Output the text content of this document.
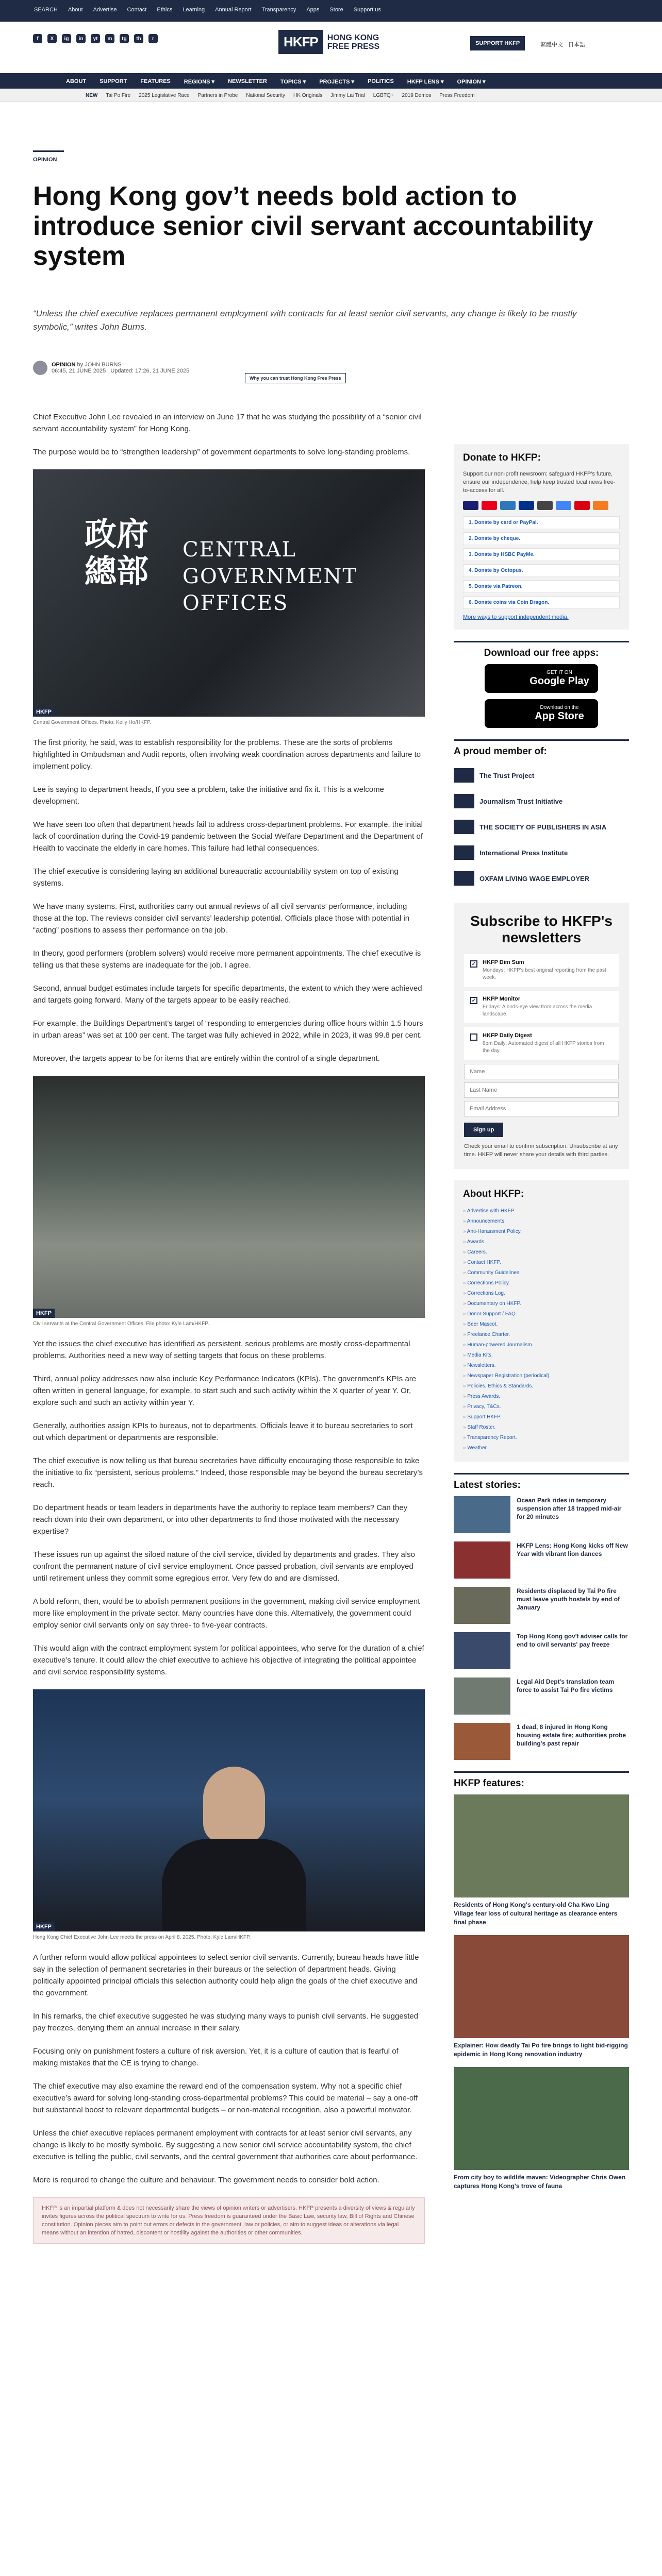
SEARCH About Advertise Contact Ethics Learning Annual Report Transparency Apps Store Support us
f	X	ig	in	yt	m	tg	th	r	HKFP	HONG KONG
FREE PRESS	SUPPORT HKFP	繁體中文 日本語
ABOUT SUPPORT FEATURES REGIONS ▾ NEWSLETTER TOPICS ▾ PROJECTS ▾ POLITICS HKFP LENS ▾ OPINION ▾
NEW Tai Po Fire 2025 Legislative Race Partners in Probe National Security HK Originals Jimmy Lai Trial LGBTQ+ 2019 Demos Press Freedom
OPINION
Hong Kong gov’t needs bold action to introduce senior civil servant accountability system
“Unless the chief executive replaces permanent employment with contracts for at least senior civil servants, any change is likely to be mostly symbolic,” writes John Burns.
OPINION by JOHN BURNS
06:45, 21 JUNE 2025 Updated: 17:26, 21 JUNE 2025
Why you can trust Hong Kong Free Press

Chief Executive John Lee revealed in an interview on June 17 that he was studying the possibility of a “senior civil servant accountability system” for Hong Kong.

The purpose would be to “strengthen leadership” of government departments to solve long-standing problems.

政府總部
CENTRAL
GOVERNMENT
OFFICES
HKFP
Central Government Offices. Photo: Kelly Ho/HKFP.

The first priority, he said, was to establish responsibility for the problems. These are the sorts of problems highlighted in Ombudsman and Audit reports, often involving weak coordination across departments and failure to implement policy.

Lee is saying to department heads, If you see a problem, take the initiative and fix it. This is a welcome development.

We have seen too often that department heads fail to address cross-department problems. For example, the initial lack of coordination during the Covid-19 pandemic between the Social Welfare Department and the Department of Health to vaccinate the elderly in care homes. This failure had lethal consequences.

The chief executive is considering laying an additional bureaucratic accountability system on top of existing systems.

We have many systems. First, authorities carry out annual reviews of all civil servants’ performance, including those at the top. The reviews consider civil servants’ leadership potential. Officials place those with potential in “acting” positions to assess their performance on the job.

In theory, good performers (problem solvers) would receive more permanent appointments. The chief executive is telling us that these systems are inadequate for the job. I agree.

Second, annual budget estimates include targets for specific departments, the extent to which they were achieved and targets going forward. Many of the targets appear to be easily reached.

For example, the Buildings Department’s target of “responding to emergencies during office hours within 1.5 hours in urban areas” was set at 100 per cent. The target was fully achieved in 2022, while in 2023, it was 99.8 per cent.

Moreover, the targets appear to be for items that are entirely within the control of a single department.

HKFP
Civil servants at the Central Government Offices. File photo: Kyle Lam/HKFP.

Yet the issues the chief executive has identified as persistent, serious problems are mostly cross-departmental problems. Authorities need a new way of setting targets that focus on these problems.

Third, annual policy addresses now also include Key Performance Indicators (KPIs). The government’s KPIs are often written in general language, for example, to start such and such activity within the X quarter of year Y. Or, explore such and such an activity within year Y.

Generally, authorities assign KPIs to bureaus, not to departments. Officials leave it to bureau secretaries to sort out which department or departments are responsible.

The chief executive is now telling us that bureau secretaries have difficulty encouraging those responsible to take the initiative to fix “persistent, serious problems.” Indeed, those responsible may be beyond the bureau secretary’s reach.

Do department heads or team leaders in departments have the authority to replace team members? Can they reach down into their own department, or into other departments to find those motivated with the necessary expertise?

These issues run up against the siloed nature of the civil service, divided by departments and grades. They also confront the permanent nature of civil service employment. Once passed probation, civil servants are employed until retirement unless they commit some egregious error. Very few do and are dismissed.

A bold reform, then, would be to abolish permanent positions in the government, making civil service employment more like employment in the private sector. Many countries have done this. Alternatively, the government could employ senior civil servants only on say three- to five-year contracts.

This would align with the contract employment system for political appointees, who serve for the duration of a chief executive’s tenure. It could allow the chief executive to achieve his objective of integrating the political appointee and civil service responsibility systems.

HKFP
Hong Kong Chief Executive John Lee meets the press on April 8, 2025. Photo: Kyle Lam/HKFP.

A further reform would allow political appointees to select senior civil servants. Currently, bureau heads have little say in the selection of permanent secretaries in their bureaus or the selection of department heads. Giving politically appointed principal officials this selection authority could help align the goals of the chief executive and the government.

In his remarks, the chief executive suggested he was studying many ways to punish civil servants. He suggested pay freezes, denying them an annual increase in their salary.

Focusing only on punishment fosters a culture of risk aversion. Yet, it is a culture of caution that is fearful of making mistakes that the CE is trying to change.

The chief executive may also examine the reward end of the compensation system. Why not a specific chief executive’s award for solving long-standing cross-departmental problems? This could be material – say a one-off but substantial boost to relevant departmental budgets – or non-material recognition, also a powerful motivator.

Unless the chief executive replaces permanent employment with contracts for at least senior civil servants, any change is likely to be mostly symbolic. By suggesting a new senior civil service accountability system, the chief executive is telling the public, civil servants, and the central government that authorities care about performance.

More is required to change the culture and behaviour. The government needs to consider bold action.

HKFP is an impartial platform & does not necessarily share the views of opinion writers or advertisers. HKFP presents a diversity of views & regularly invites figures across the political spectrum to write for us. Press freedom is guaranteed under the Basic Law, security law, Bill of Rights and Chinese constitution. Opinion pieces aim to point out errors or defects in the government, law or policies, or aim to suggest ideas or alterations via legal means without an intention of hatred, discontent or hostility against the authorities or other communities.
Donate to HKFP:
Support our non-profit newsroom: safeguard HKFP's future, ensure our independence, help keep trusted local news free-to-access for all.
1. Donate by card or PayPal.
2. Donate by cheque.
3. Donate by HSBC PayMe.
4. Donate by Octopus.
5. Donate via Patreon.
6. Donate coins via Coin Dragon.
More ways to support independent media.
Download our free apps:
GET IT ON
Google Play
Download on the
App Store
A proud member of:
The Trust Project
Journalism Trust Initiative
THE SOCIETY OF PUBLISHERS IN ASIA
International Press Institute
OXFAM LIVING WAGE EMPLOYER
Subscribe to HKFP's newsletters
✓ HKFP Dim Sum
Mondays: HKFP's best original reporting from the past week.
✓ HKFP Monitor
Fridays: A birds-eye view from across the media landscape.
HKFP Daily Digest
8pm Daily: Automated digest of all HKFP stories from the day.
Name
Last Name
Email Address
Sign up
Check your email to confirm subscription. Unsubscribe at any time. HKFP will never share your details with third parties.
About HKFP:
» Advertise with HKFP.
» Announcements.
» Anti-Harassment Policy.
» Awards.
» Careers.
» Contact HKFP.
» Community Guidelines.
» Corrections Policy.
» Corrections Log.
» Documentary on HKFP.
» Donor Support / FAQ.
» Beer Mascot.
» Freelance Charter.
» Human-powered Journalism.
» Media Kits.
» Newsletters.
» Newspaper Registration (periodical).
» Policies, Ethics & Standards.
» Press Awards.
» Privacy, T&Cs.
» Support HKFP.
» Staff Roster.
» Transparency Report.
» Weather.
Latest stories:
Ocean Park rides in temporary suspension after 18 trapped mid-air for 20 minutes
HKFP Lens: Hong Kong kicks off New Year with vibrant lion dances
Residents displaced by Tai Po fire must leave youth hostels by end of January
Top Hong Kong gov't adviser calls for end to civil servants' pay freeze
Legal Aid Dept's translation team force to assist Tai Po fire victims
1 dead, 8 injured in Hong Kong housing estate fire; authorities probe building's past repair
HKFP features:
Residents of Hong Kong's century-old Cha Kwo Ling Village fear loss of cultural heritage as clearance enters final phase
Explainer: How deadly Tai Po fire brings to light bid-rigging epidemic in Hong Kong renovation industry
From city boy to wildlife maven: Videographer Chris Owen captures Hong Kong's trove of fauna
